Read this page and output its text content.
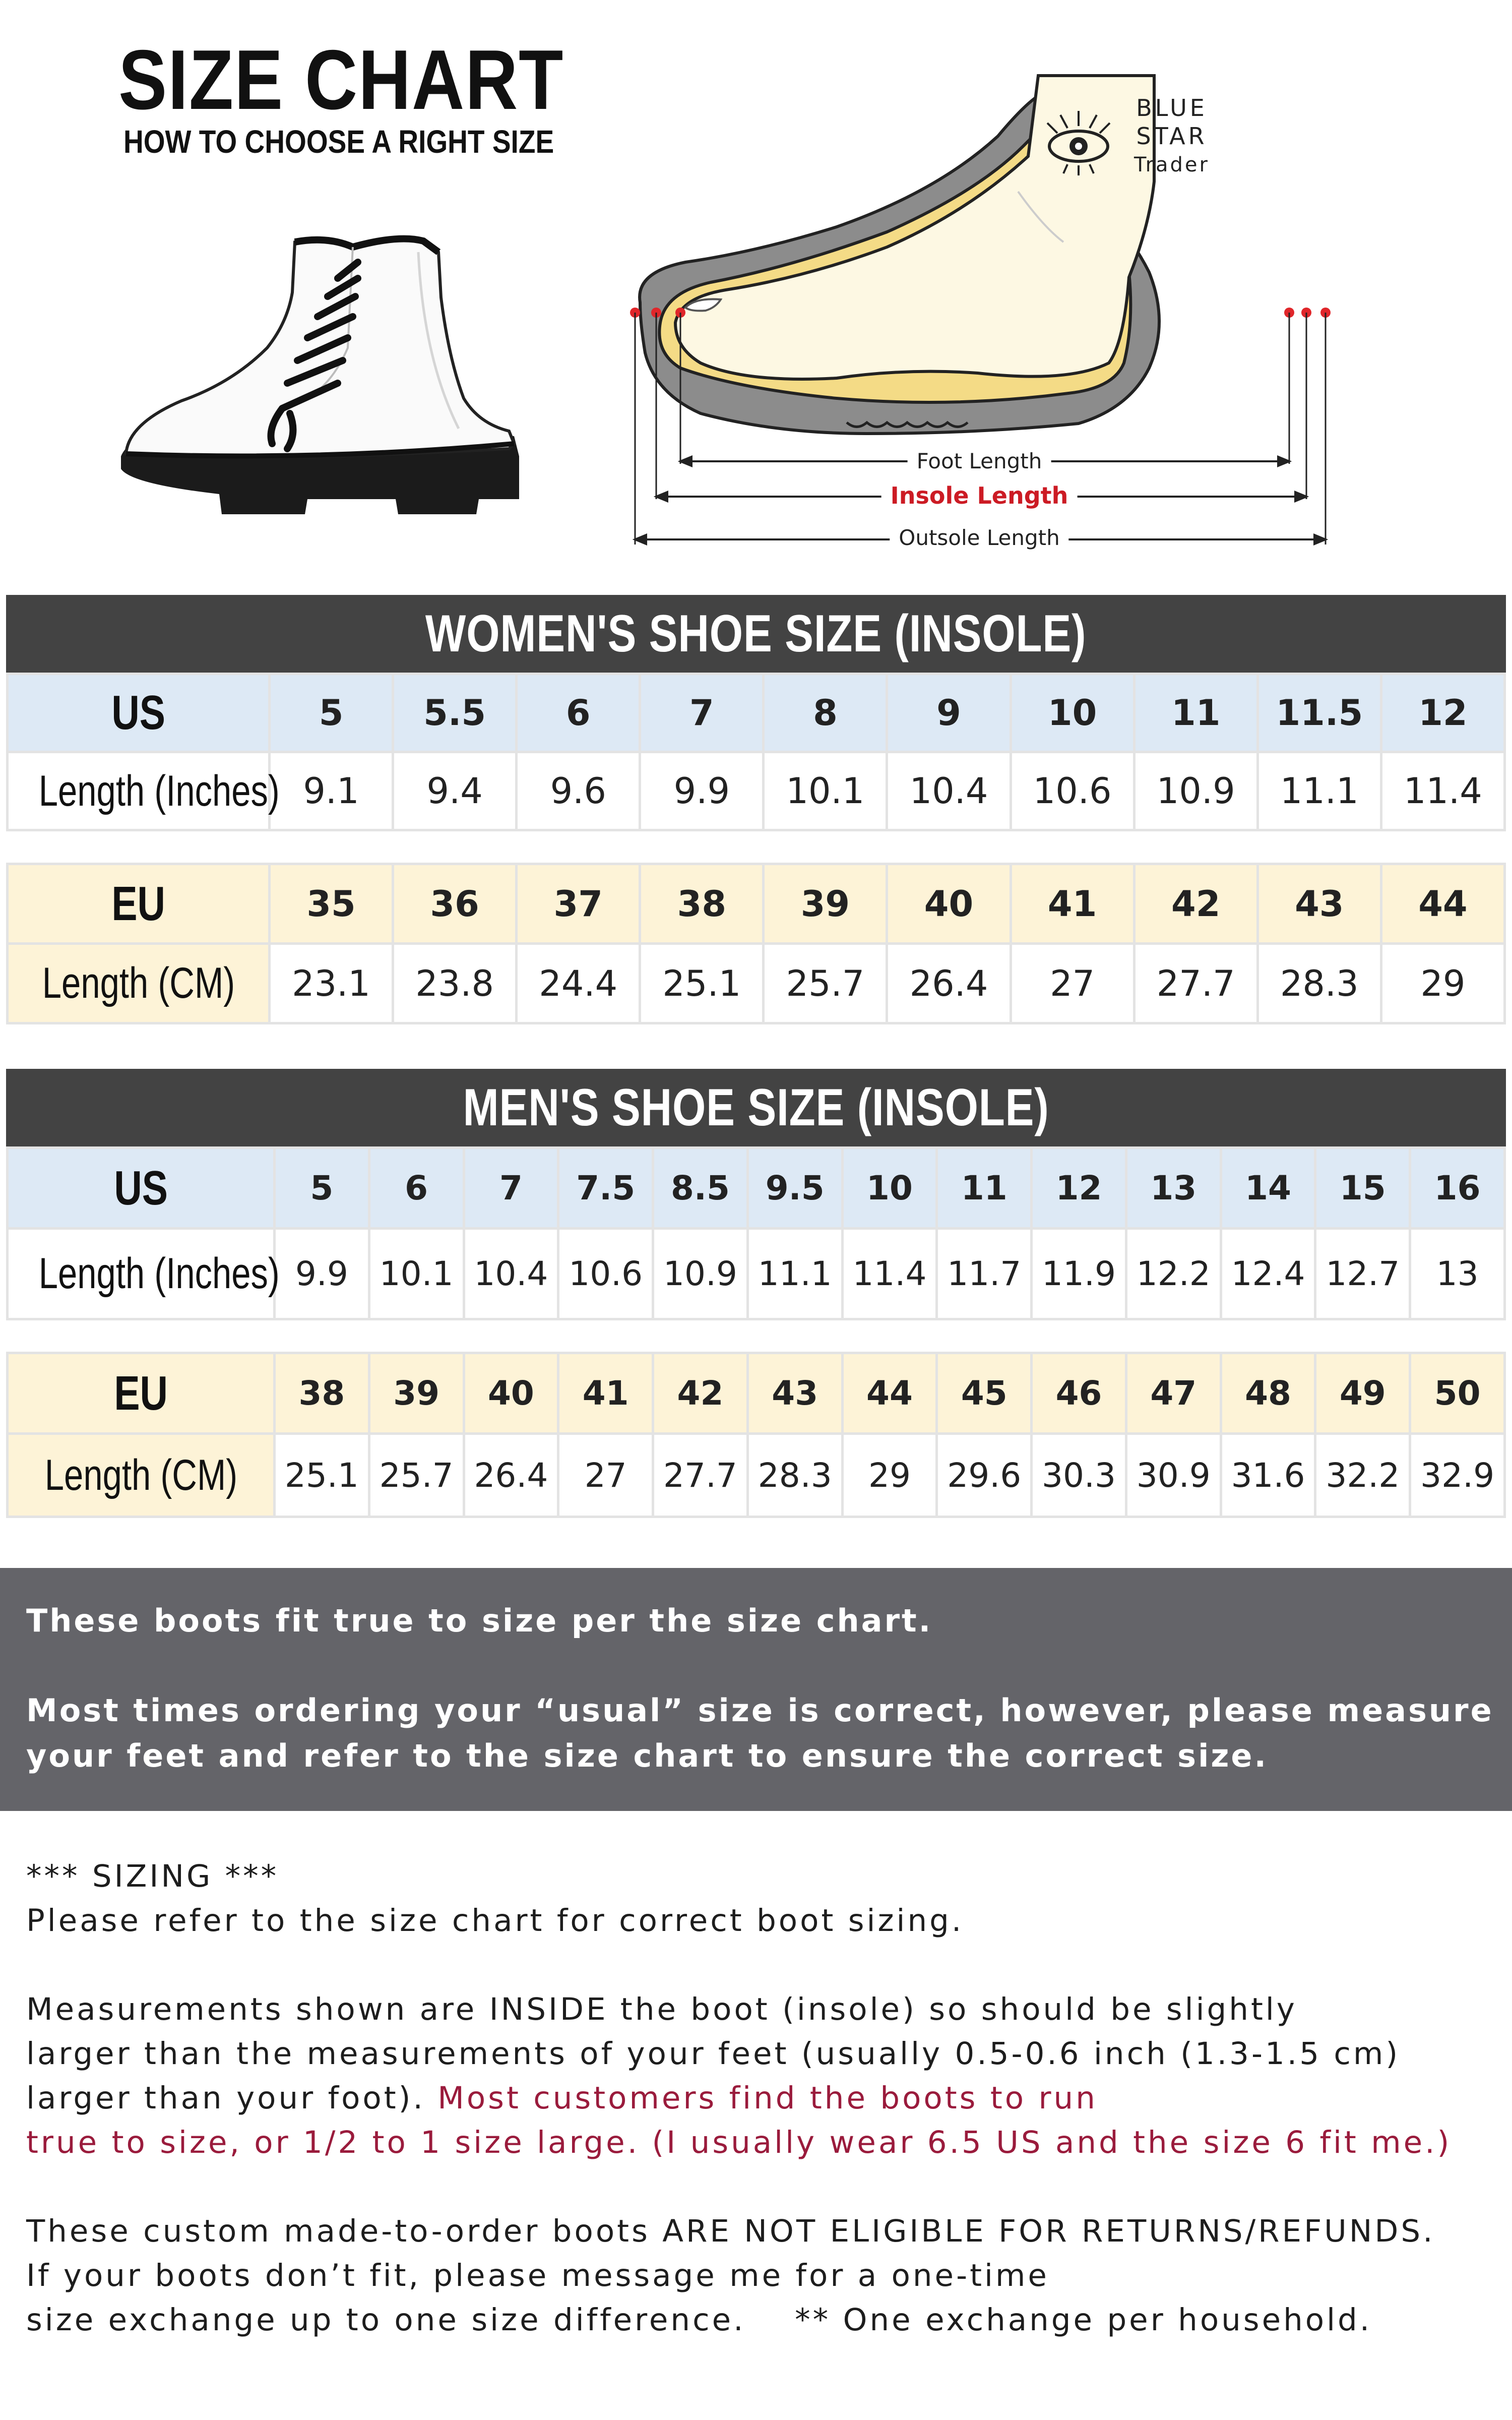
SIZE CHART
HOW TO CHOOSE A RIGHT SIZE
BLUE
STAR
Trader
Foot Length
Insole Length
Outsole Length
WOMEN'S SHOE SIZE (INSOLE)
US	5	5.5	6	7	8	9	10	11	11.5	12
Length (Inches)	9.1	9.4	9.6	9.9	10.1	10.4	10.6	10.9	11.1	11.4
EU	35	36	37	38	39	40	41	42	43	44
Length (CM)	23.1	23.8	24.4	25.1	25.7	26.4	27	27.7	28.3	29
MEN'S SHOE SIZE (INSOLE)
US	5	6	7	7.5	8.5	9.5	10	11	12	13	14	15	16
Length (Inches)	9.9	10.1	10.4	10.6	10.9	11.1	11.4	11.7	11.9	12.2	12.4	12.7	13
EU	38	39	40	41	42	43	44	45	46	47	48	49	50
Length (CM)	25.1	25.7	26.4	27	27.7	28.3	29	29.6	30.3	30.9	31.6	32.2	32.9

These boots fit true to size per the size chart.

Most times ordering your “usual” size is correct, however, please measure

your feet and refer to the size chart to ensure the correct size.

*** SIZING ***

Please refer to the size chart for correct boot sizing.

Measurements shown are INSIDE the boot (insole) so should be slightly

larger than the measurements of your feet (usually 0.5-0.6 inch (1.3-1.5 cm)

larger than your foot). Most customers find the boots to run

true to size, or 1/2 to 1 size large. (I usually wear 6.5 US and the size 6 fit me.)

These custom made-to-order boots ARE NOT ELIGIBLE FOR RETURNS/REFUNDS.

If your boots don’t fit, please message me for a one-time

size exchange up to one size difference.    ** One exchange per household.
